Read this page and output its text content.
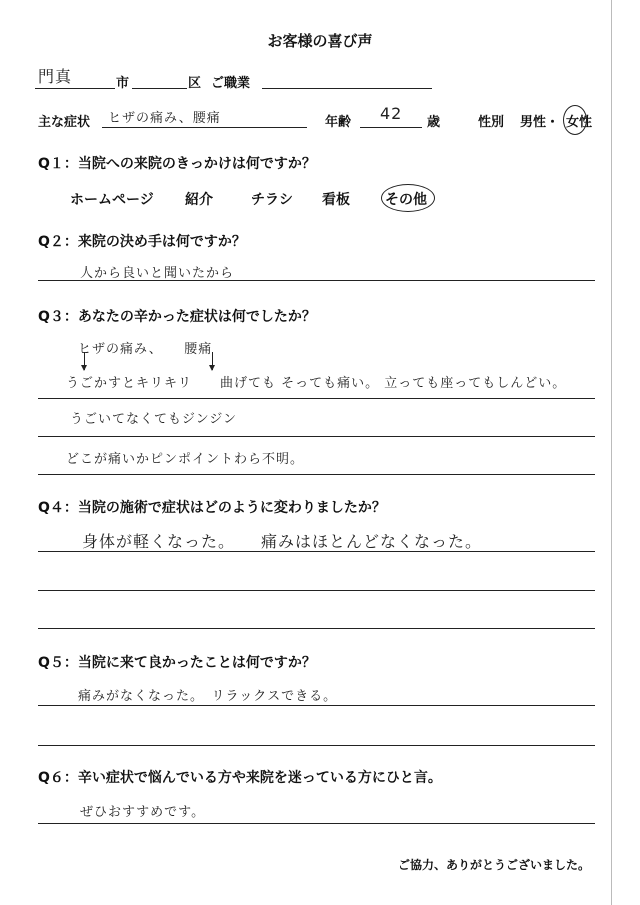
お客様の喜び声
門真	市	区 ご職業
主な症状 ヒザの痛み、腰痛	年齢 42 歳	性別 男性・ 女性
Q１：当院への来院のきっかけは何ですか？
ホームページ 紹介	チラシ 看板	その他
Q２：来院の決め手は何ですか？
人から良いと聞いたから
Q３：あなたの辛かった症状は何でしたか？
ヒザの痛み、　　腰痛
うごかすとキリキリ　　曲げても そっても痛い。 立っても座ってもしんどい。
うごいてなくてもジンジン
どこが痛いかピンポイントわら不明。
Q４：当院の施術で症状はどのように変わりましたか？
身体が軽くなった。　　痛みはほとんどなくなった。
Q５：当院に来て良かったことは何ですか？
痛みがなくなった。　リラックスできる。
Q６：辛い症状で悩んでいる方や来院を迷っている方にひと言。
ぜひおすすめです。
ご協力、ありがとうございました。
